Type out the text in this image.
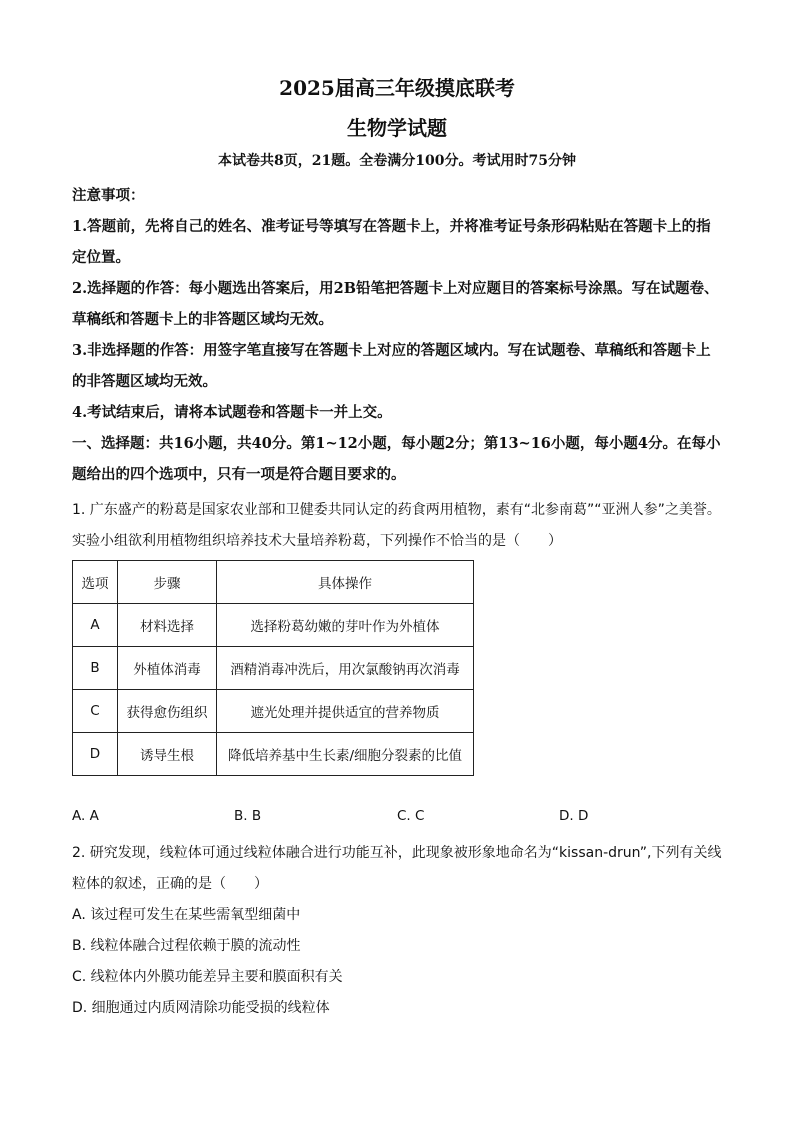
2025届高三年级摸底联考
生物学试题
本试卷共8页，21题。全卷满分100分。考试用时75分钟

注意事项：

1.答题前，先将自己的姓名、准考证号等填写在答题卡上，并将准考证号条形码粘贴在答题卡上的指定位置。

2.选择题的作答：每小题选出答案后，用2B铅笔把答题卡上对应题目的答案标号涂黑。写在试题卷、草稿纸和答题卡上的非答题区域均无效。

3.非选择题的作答：用签字笔直接写在答题卡上对应的答题区域内。写在试题卷、草稿纸和答题卡上的非答题区域均无效。

4.考试结束后，请将本试题卷和答题卡一并上交。

一、选择题：共16小题，共40分。第1~12小题，每小题2分；第13~16小题，每小题4分。在每小题给出的四个选项中，只有一项是符合题目要求的。

1. 广东盛产的粉葛是国家农业部和卫健委共同认定的药食两用植物，素有“北参南葛”“亚洲人参”之美誉。实验小组欲利用植物组织培养技术大量培养粉葛，下列操作不恰当的是（　　）

选项	步骤	具体操作
A	材料选择	选择粉葛幼嫩的芽叶作为外植体
B	外植体消毒	酒精消毒冲洗后，用次氯酸钠再次消毒
C	获得愈伤组织	遮光处理并提供适宜的营养物质
D	诱导生根	降低培养基中生长素/细胞分裂素的比值
A. A	B. B	C. C	D. D

2. 研究发现，线粒体可通过线粒体融合进行功能互补，此现象被形象地命名为“kissan-drun”,下列有关线粒体的叙述，正确的是（　　）

A. 该过程可发生在某些需氧型细菌中

B. 线粒体融合过程依赖于膜的流动性

C. 线粒体内外膜功能差异主要和膜面积有关

D. 细胞通过内质网清除功能受损的线粒体
